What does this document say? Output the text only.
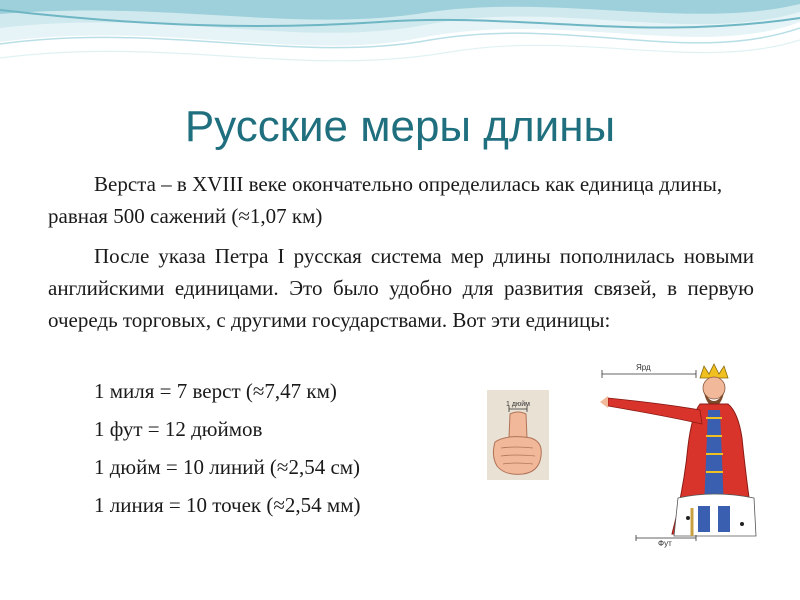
Русские меры длины

Верста – в XVIII веке окончательно определилась как единица длины, равная 500 сажений (≈1,07 км)

После указа Петра I русская система мер длины пополнилась новыми английскими единицами. Это было удобно для развития связей, в первую очередь торговых, с другими государствами. Вот эти единицы:

1 миля = 7 верст (≈7,47 км)
1 фут = 12 дюймов
1 дюйм = 10 линий (≈2,54 см)
1 линия = 10 точек (≈2,54 мм)
1 дюйм
Ярд
Фут
